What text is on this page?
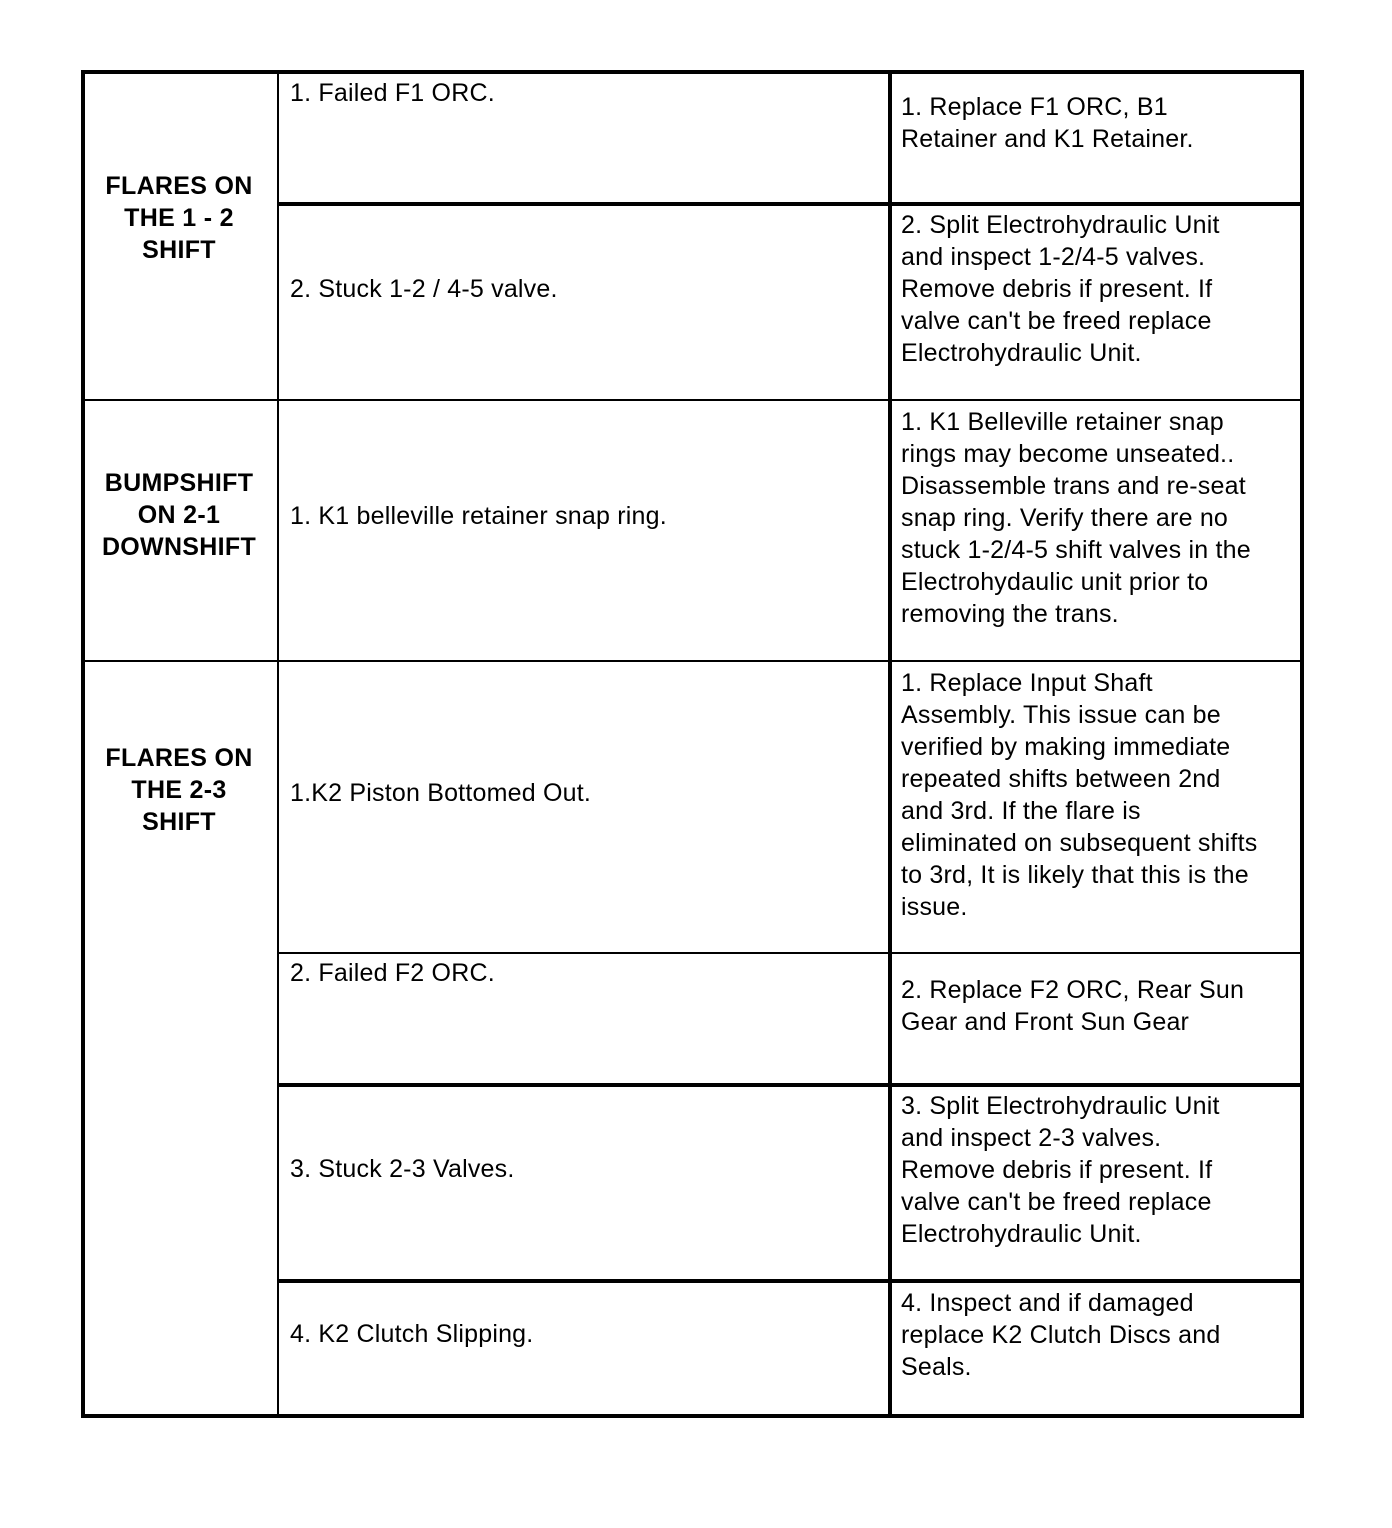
FLARES ON
THE 1 - 2
SHIFT
BUMPSHIFT
ON 2-1
DOWNSHIFT
FLARES ON
THE 2-3
SHIFT
1. Failed F1 ORC.
2. Stuck 1-2 / 4-5 valve.
1. K1 belleville retainer snap ring.
1.K2 Piston Bottomed Out.
2. Failed F2 ORC.
3. Stuck 2-3 Valves.
4. K2 Clutch Slipping.
1. Replace F1 ORC, B1
Retainer and K1 Retainer.
2. Split Electrohydraulic Unit
and inspect 1-2/4-5 valves.
Remove debris if present. If
valve can't be freed replace
Electrohydraulic Unit.
1. K1 Belleville retainer snap
rings may become unseated..
Disassemble trans and re-seat
snap ring. Verify there are no
stuck 1-2/4-5 shift valves in the
Electrohydaulic unit prior to
removing the trans.
1. Replace Input Shaft
Assembly. This issue can be
verified by making immediate
repeated shifts between 2nd
and 3rd. If the flare is
eliminated on subsequent shifts
to 3rd, It is likely that this is the
issue.
2. Replace F2 ORC, Rear Sun
Gear and Front Sun Gear
3. Split Electrohydraulic Unit
and inspect 2-3 valves.
Remove debris if present. If
valve can't be freed replace
Electrohydraulic Unit.
4. Inspect and if damaged
replace K2 Clutch Discs and
Seals.
